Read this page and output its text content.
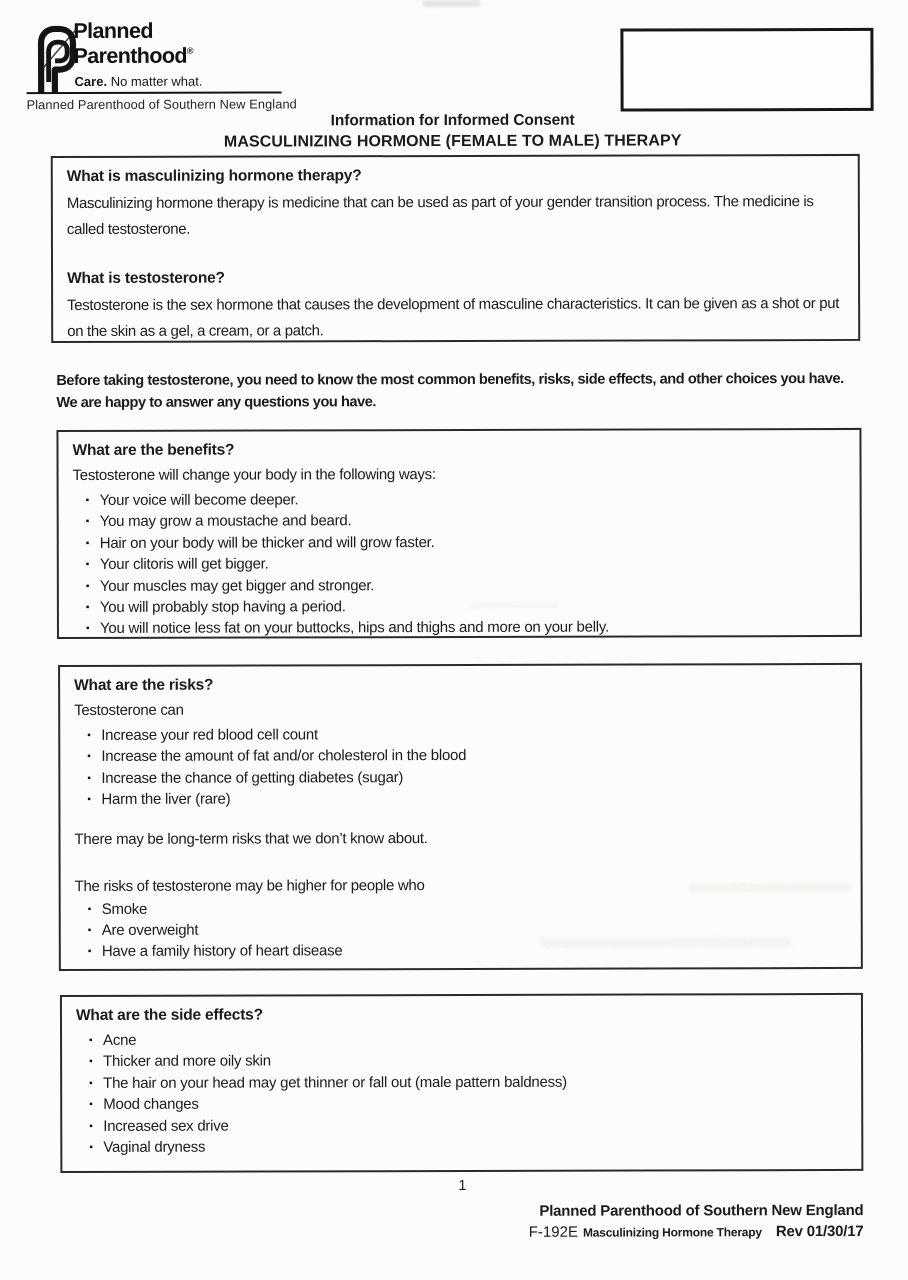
Planned
Parenthood®
Care. No matter what.
Planned Parenthood of Southern New England
Information for Informed Consent
MASCULINIZING HORMONE (FEMALE TO MALE) THERAPY
What is masculinizing hormone therapy?
Masculinizing hormone therapy is medicine that can be used as part of your gender transition process. The medicine is called testosterone.
What is testosterone?
Testosterone is the sex hormone that causes the development of masculine characteristics. It can be given as a shot or put on the skin as a gel, a cream, or a patch.
Before taking testosterone, you need to know the most common benefits, risks, side effects, and other choices you have. We are happy to answer any questions you have.
What are the benefits?
Testosterone will change your body in the following ways:
▪ Your voice will become deeper.
▪ You may grow a moustache and beard.
▪ Hair on your body will be thicker and will grow faster.
▪ Your clitoris will get bigger.
▪ Your muscles may get bigger and stronger.
▪ You will probably stop having a period.
▪ You will notice less fat on your buttocks, hips and thighs and more on your belly.
What are the risks?
Testosterone can
▪ Increase your red blood cell count
▪ Increase the amount of fat and/or cholesterol in the blood
▪ Increase the chance of getting diabetes (sugar)
▪ Harm the liver (rare)
There may be long-term risks that we don’t know about.
The risks of testosterone may be higher for people who
▪ Smoke
▪ Are overweight
▪ Have a family history of heart disease
What are the side effects?
▪ Acne
▪ Thicker and more oily skin
▪ The hair on your head may get thinner or fall out (male pattern baldness)
▪ Mood changes
▪ Increased sex drive
▪ Vaginal dryness
1
Planned Parenthood of Southern New England
F-192E Masculinizing Hormone Therapy Rev 01/30/17
